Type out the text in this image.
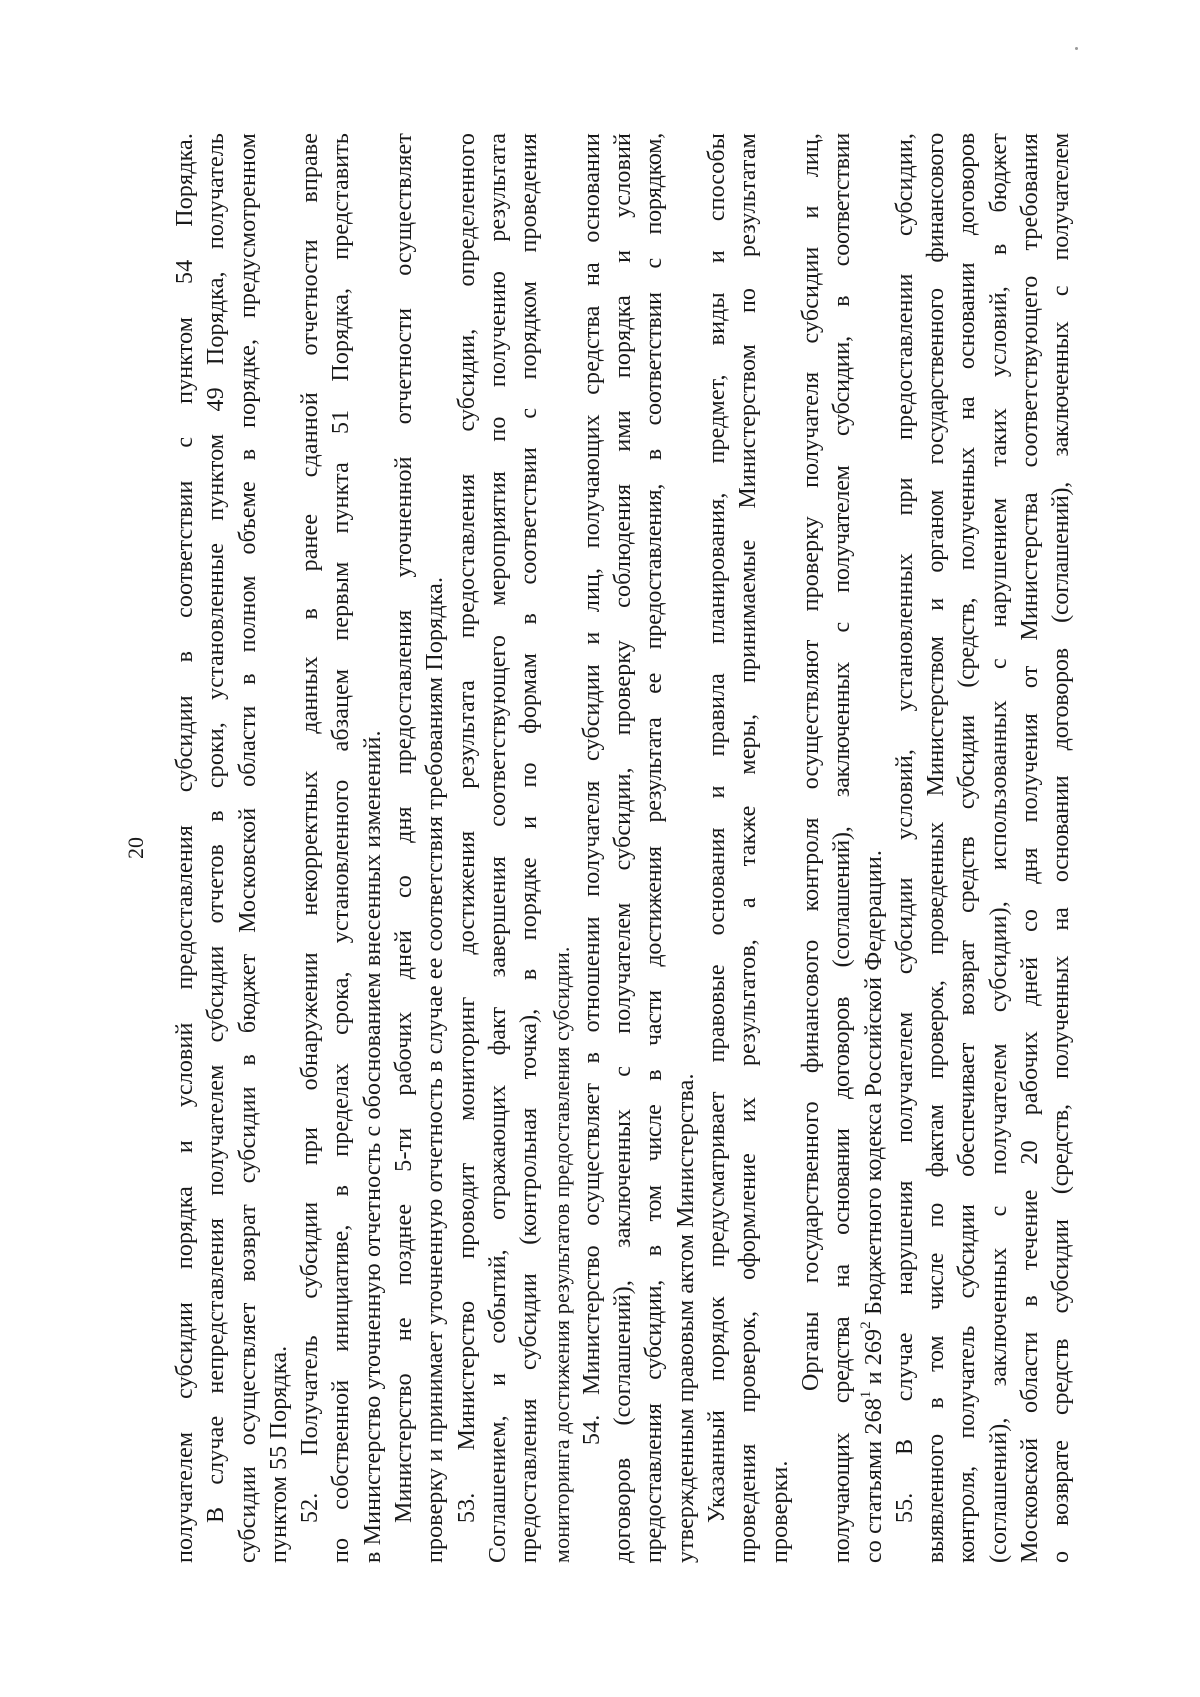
20 получателем субсидии порядка и условий предоставления субсидии в соответствии с пунктом 54 Порядка. В случае непредставления получателем субсидии отчетов в сроки, установленные пунктом 49 Порядка, получатель субсидии осуществляет возврат субсидии в бюджет Московской области в полном объеме в порядке, предусмотренном пунктом 55 Порядка. 52. Получатель субсидии при обнаружении некорректных данных в ранее сданной отчетности вправе по собственной инициативе, в пределах срока, установленного абзацем первым пункта 51 Порядка, представить в Министерство уточненную отчетность с обоснованием внесенных изменений. Министерство не позднее 5-ти рабочих дней со дня предоставления уточненной отчетности осуществляет проверку и принимает уточненную отчетность в случае ее соответствия требованиям Порядка. 53. Министерство проводит мониторинг достижения результата предоставления субсидии, определенного Соглашением, и событий, отражающих факт завершения соответствующего мероприятия по получению результата предоставления субсидии (контрольная точка), в порядке и по формам в соответствии с порядком проведения мониторинга достижения результатов предоставления субсидии. 54. Министерство осуществляет в отношении получателя субсидии и лиц, получающих средства на основании договоров (соглашений), заключенных с получателем субсидии, проверку соблюдения ими порядка и условий предоставления субсидии, в том числе в части достижения результата ее предоставления, в соответствии с порядком, утвержденным правовым актом Министерства. Указанный порядок предусматривает правовые основания и правила планирования, предмет, виды и способы проведения проверок, оформление их результатов, а также меры, принимаемые Министерством по результатам проверки.
Органы государственного финансового контроля осуществляют проверку получателя субсидии и лиц, получающих средства на основании договоров (соглашений), заключенных с получателем субсидии, в соответствии со статьями $268^1$ и $269^2$ Бюджетного кодекса Российской Федерации. 55. В случае нарушения получателем субсидии условий, установленных при предоставлении субсидии, выявленного в том числе по фактам проверок, проведенных Министерством и органом государственного финансового контроля, получатель субсидии обеспечивает возврат средств субсидии (средств, полученных на основании договоров (соглашений), заключенных с получателем субсидии), использованных с нарушением таких условий, в бюджет Московской области в течение 20 рабочих дней со дня получения от Министерства соответствующего требования о возврате средств субсидии (средств, полученных на основании договоров (соглашений), заключенных с получателем
